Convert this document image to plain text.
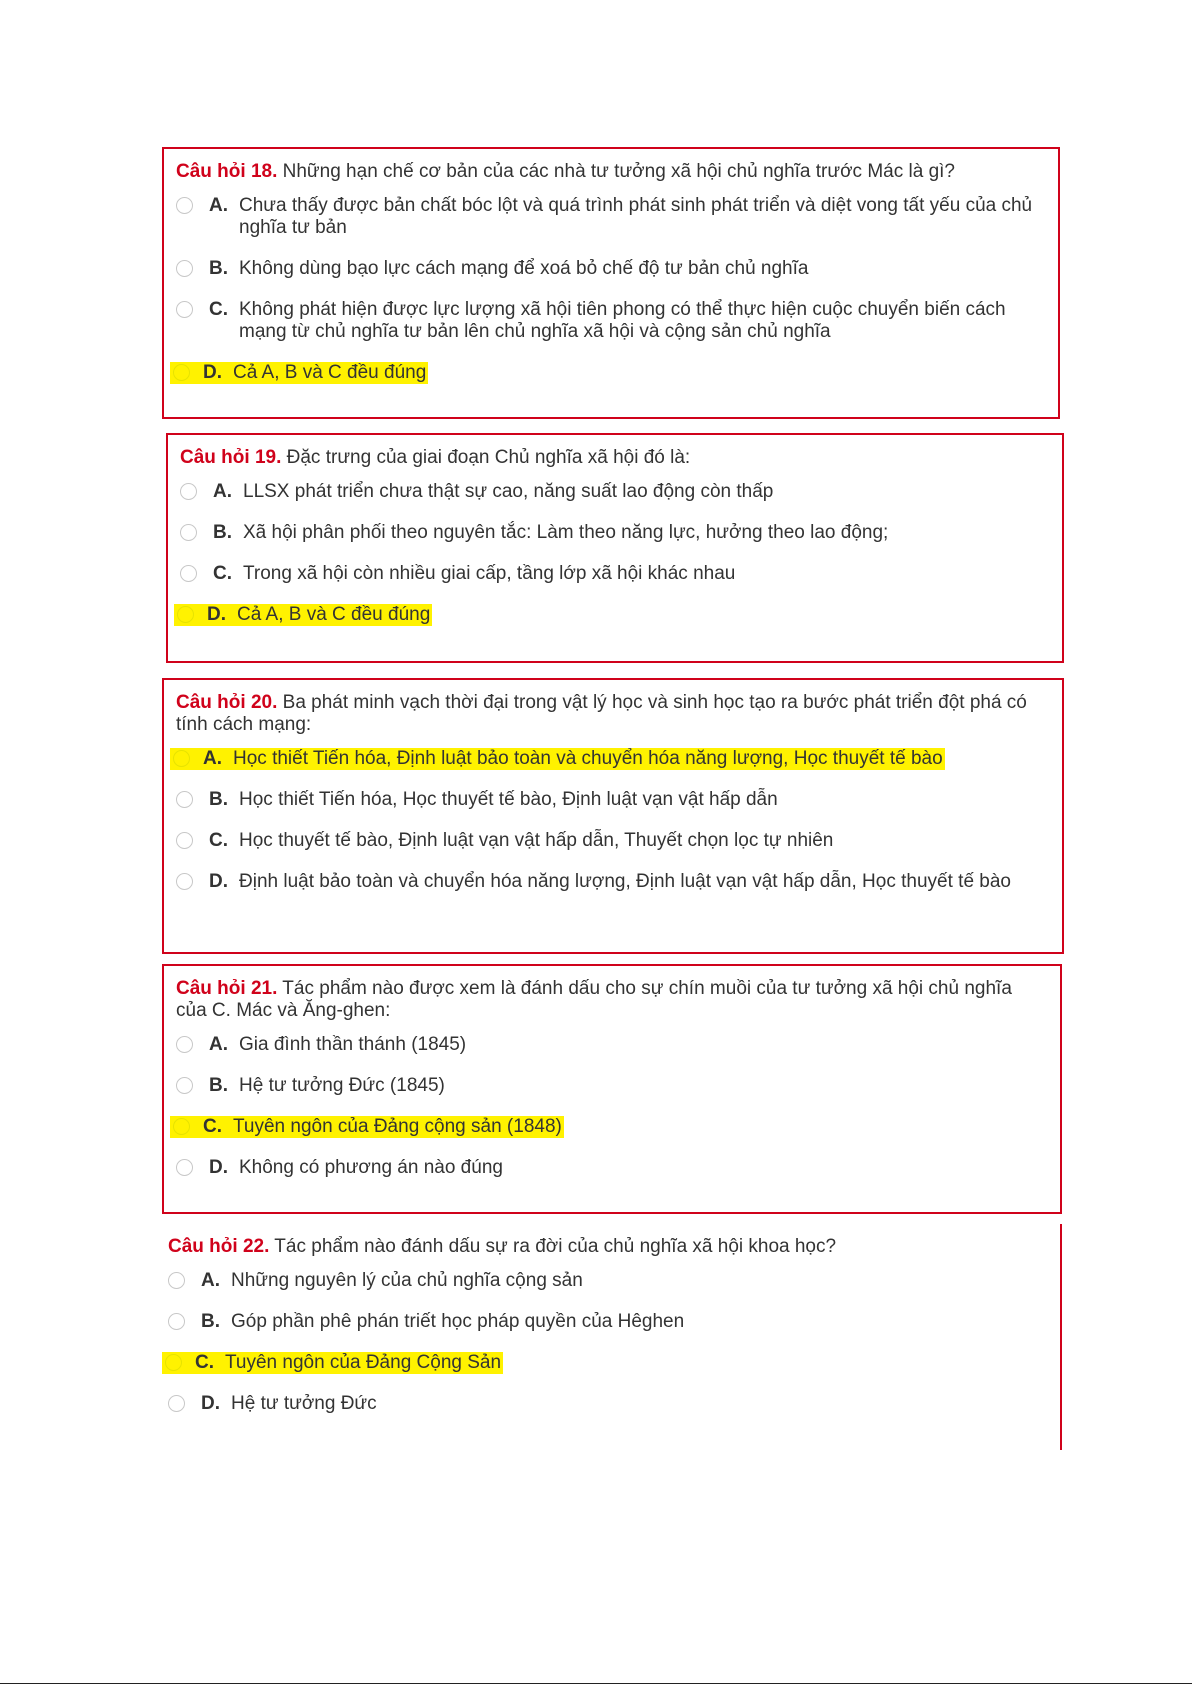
Câu hỏi 18. Những hạn chế cơ bản của các nhà tư tưởng xã hội chủ nghĩa trước Mác là gì?
A. Chưa thấy được bản chất bóc lột và quá trình phát sinh phát triển và diệt vong tất yếu của chủ nghĩa tư bản
B. Không dùng bạo lực cách mạng để xoá bỏ chế độ tư bản chủ nghĩa
C. Không phát hiện được lực lượng xã hội tiên phong có thể thực hiện cuộc chuyển biến cách mạng từ chủ nghĩa tư bản lên chủ nghĩa xã hội và cộng sản chủ nghĩa
D. Cả A, B và C đều đúng
Câu hỏi 19. Đặc trưng của giai đoạn Chủ nghĩa xã hội đó là:
A. LLSX phát triển chưa thật sự cao, năng suất lao động còn thấp
B. Xã hội phân phối theo nguyên tắc: Làm theo năng lực, hưởng theo lao động;
C. Trong xã hội còn nhiều giai cấp, tầng lớp xã hội khác nhau
D. Cả A, B và C đều đúng
Câu hỏi 20. Ba phát minh vạch thời đại trong vật lý học và sinh học tạo ra bước phát triển đột phá có tính cách mạng:
A. Học thiết Tiến hóa, Định luật bảo toàn và chuyển hóa năng lượng, Học thuyết tế bào
B. Học thiết Tiến hóa, Học thuyết tế bào, Định luật vạn vật hấp dẫn
C. Học thuyết tế bào, Định luật vạn vật hấp dẫn, Thuyết chọn lọc tự nhiên
D. Định luật bảo toàn và chuyển hóa năng lượng, Định luật vạn vật hấp dẫn, Học thuyết tế bào
Câu hỏi 21. Tác phẩm nào được xem là đánh dấu cho sự chín muồi của tư tưởng xã hội chủ nghĩa của C. Mác và Ăng-ghen:
A. Gia đình thần thánh (1845)
B. Hệ tư tưởng Đức (1845)
C. Tuyên ngôn của Đảng cộng sản (1848)
D. Không có phương án nào đúng
Câu hỏi 22. Tác phẩm nào đánh dấu sự ra đời của chủ nghĩa xã hội khoa học?
A. Những nguyên lý của chủ nghĩa cộng sản
B. Góp phần phê phán triết học pháp quyền của Hêghen
C. Tuyên ngôn của Đảng Cộng Sản
D. Hệ tư tưởng Đức
